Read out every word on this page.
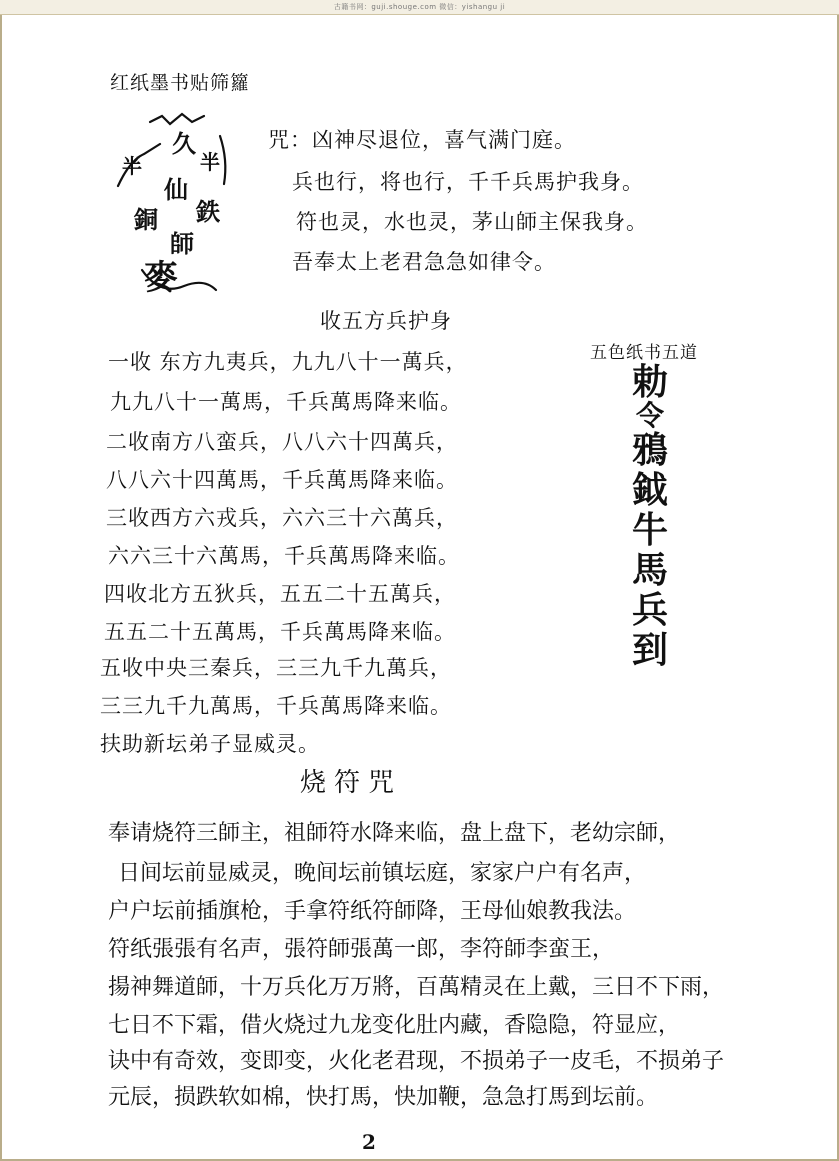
古籍书网：guji.shouge.com 微信：yishangu ji
红纸墨书贴筛籮
久
半	半
仙
鉄
銅
師
麥
咒：凶神尽退位，喜气满门庭。
兵也行，将也行，千千兵馬护我身。
符也灵，水也灵，茅山師主保我身。
吾奉太上老君急急如律令。
收五方兵护身
一收 东方九夷兵，九九八十一萬兵，
九九八十一萬馬，千兵萬馬降来临。
二收南方八蛮兵，八八六十四萬兵，
八八六十四萬馬，千兵萬馬降来临。
三收西方六戎兵，六六三十六萬兵，
六六三十六萬馬，千兵萬馬降来临。
四收北方五狄兵，五五二十五萬兵，
五五二十五萬馬，千兵萬馬降来临。
五收中央三秦兵，三三九千九萬兵，
三三九千九萬馬，千兵萬馬降来临。
扶助新坛弟子显威灵。
五色纸书五道
勅
令
鴉
鉞
牛
馬
兵
到
烧符咒
奉请烧符三師主，祖師符水降来临，盘上盘下，老幼宗師，
日间坛前显威灵，晚间坛前镇坛庭，家家户户有名声，
户户坛前插旗枪，手拿符纸符師降，王母仙娘教我法。
符纸張張有名声，張符師張萬一郎，李符師李蛮王，
揚神舞道師，十万兵化万万將，百萬精灵在上戴，三日不下雨，
七日不下霜，借火烧过九龙变化肚内藏，香隐隐，符显应，
诀中有奇效，变即变，火化老君现，不损弟子一皮毛，不损弟子
元辰，损跌软如棉，快打馬，快加鞭，急急打馬到坛前。
2
